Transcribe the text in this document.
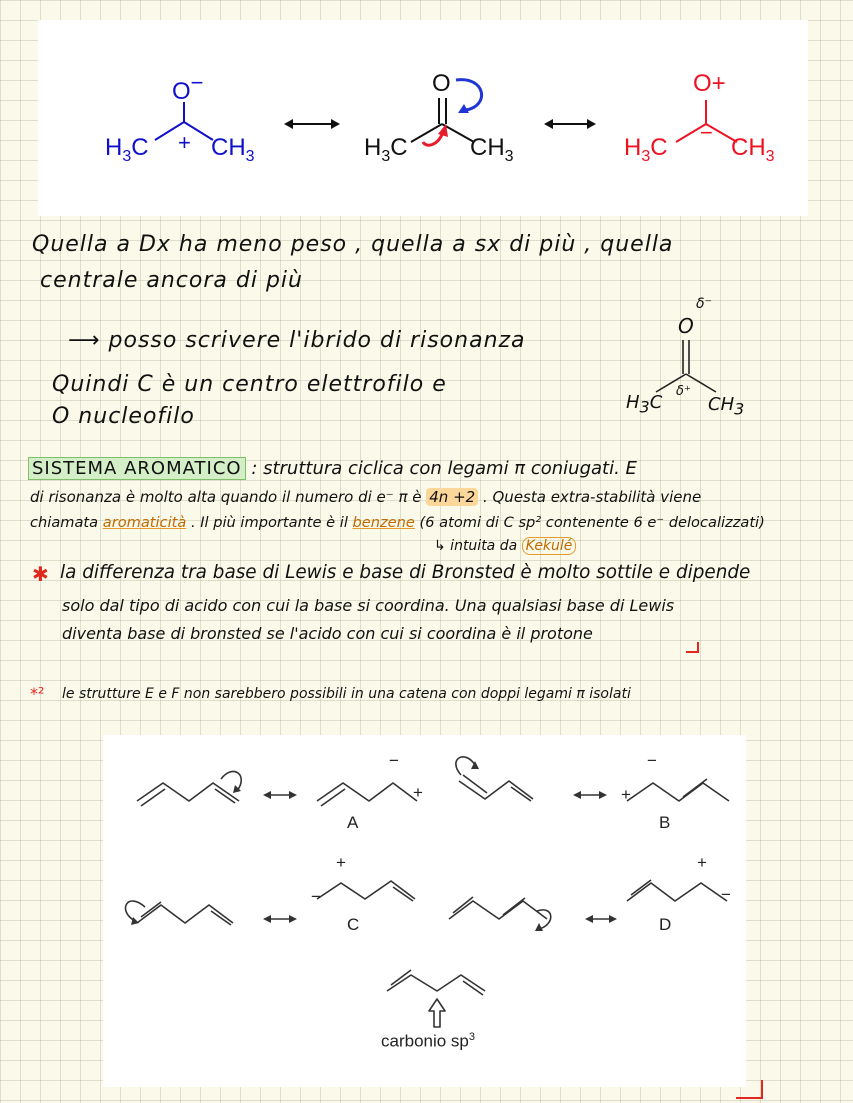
O−
+
$H_3C$	$CH_3$
O
$H_3C$	$CH_3$
O+
−
$H_3C$	$CH_3$
Quella a Dx ha meno peso , quella a sx di più , quella
centrale ancora di più
⟶ posso scrivere l'ibrido di risonanza
Quindi C è un centro elettrofilo e
O nucleofilo
O
δ⁻
δ⁺
$H_3C$	$CH_3$
SISTEMA AROMATICO : struttura ciclica con legami π coniugati. E
di risonanza è molto alta quando il numero di e⁻ π è 4n +2 . Questa extra-stabilità viene
chiamata aromaticità . Il più importante è il benzene (6 atomi di C sp² contenente 6 e⁻ delocalizzati)
↳ intuita da Kekulé
✱ la differenza tra base di Lewis e base di Bronsted è molto sottile e dipende
solo dal tipo di acido con cui la base si coordina. Una qualsiasi base di Lewis
diventa base di bronsted se l'acido con cui si coordina è il protone
*² le strutture E e F non sarebbero possibili in una catena con doppi legami π isolati
−
+
−
+
+
−
+
−
A	B
C	D
carbonio $sp^3$
